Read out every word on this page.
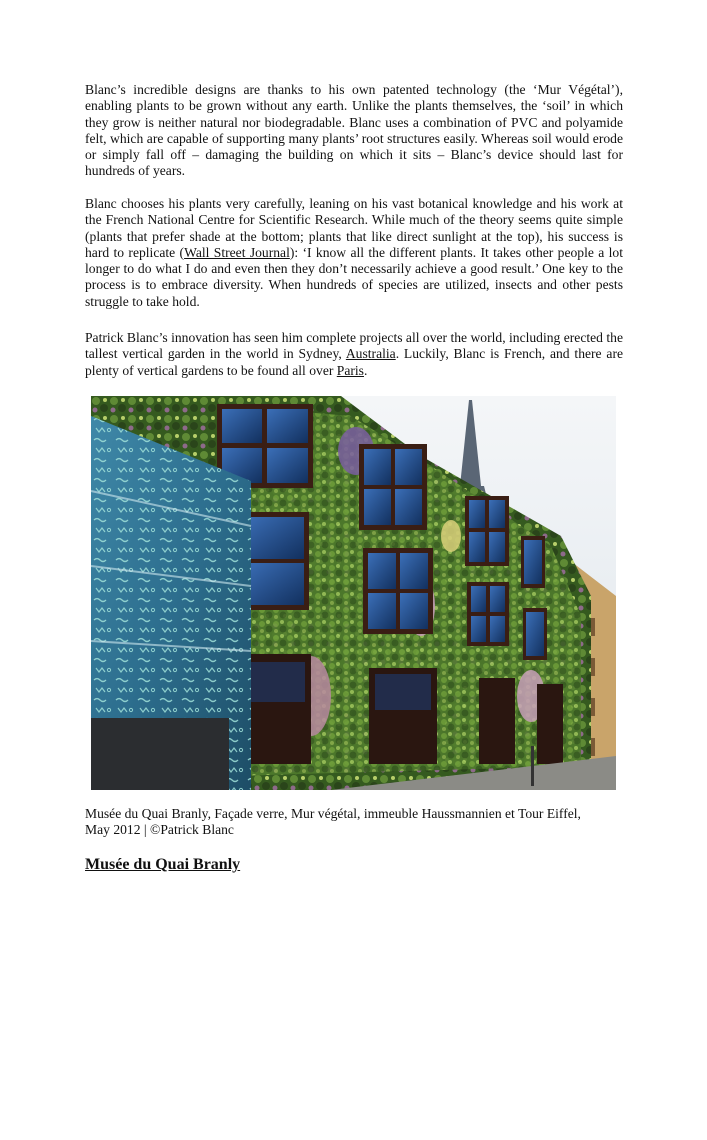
Blanc’s incredible designs are thanks to his own patented technology (the ‘Mur Végétal’), enabling plants to be grown without any earth. Unlike the plants themselves, the ‘soil’ in which they grow is neither natural nor biodegradable. Blanc uses a combination of PVC and polyamide felt, which are capable of supporting many plants’ root structures easily. Whereas soil would erode or simply fall off – damaging the building on which it sits – Blanc’s device should last for hundreds of years.

Blanc chooses his plants very carefully, leaning on his vast botanical knowledge and his work at the French National Centre for Scientific Research. While much of the theory seems quite simple (plants that prefer shade at the bottom; plants that like direct sunlight at the top), his success is hard to replicate (Wall Street Journal): ‘I know all the different plants. It takes other people a lot longer to do what I do and even then they don’t necessarily achieve a good result.’ One key to the process is to embrace diversity. When hundreds of species are utilized, insects and other pests struggle to take hold.

Patrick Blanc’s innovation has seen him complete projects all over the world, including erected the tallest vertical garden in the world in Sydney, Australia. Luckily, Blanc is French, and there are plenty of vertical gardens to be found all over Paris.

du quai Branly

Musée du Quai Branly, Façade verre, Mur végétal, immeuble Haussmannien et Tour Eiffel,
May 2012 | ©Patrick Blanc

Musée du Quai Branly
